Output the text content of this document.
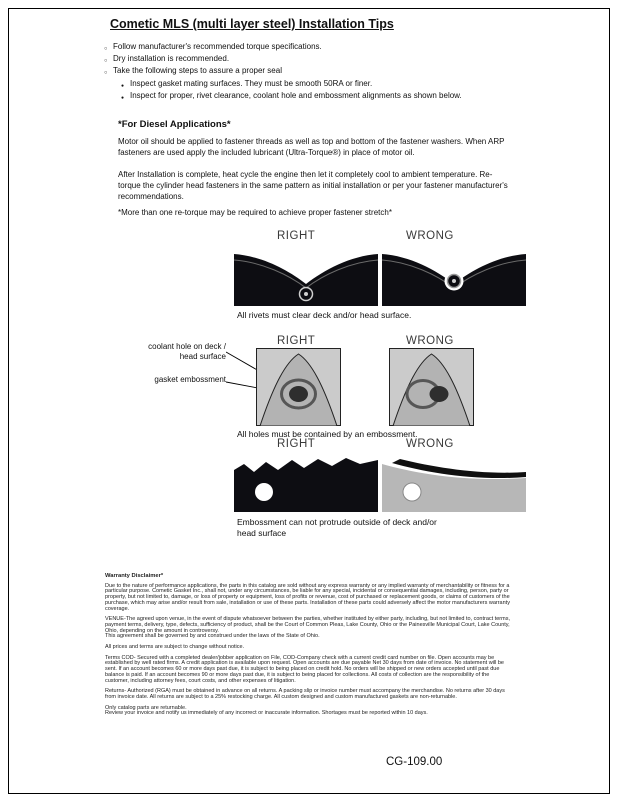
Cometic MLS (multi layer steel) Installation Tips
○ Follow manufacturer's recommended torque specifications.
○ Dry installation is recommended.
○ Take the following steps to assure a proper seal
● Inspect gasket mating surfaces. They must be smooth 50RA or finer.
● Inspect for proper, rivet clearance, coolant hole and embossment alignments as shown below.
*For Diesel Applications*

Motor oil should be applied to fastener threads as well as top and bottom of the fastener washers. When ARP fasteners are used apply the included lubricant (Ultra-Torque®) in place of motor oil.

After Installation is complete, heat cycle the engine then let it completely cool to ambient temperature. Re-torque the cylinder head fasteners in the same pattern as initial installation or per your fastener manufacturer's recommendations.

*More than one re-torque may be required to achieve proper fastener stretch*

RIGHT	WRONG
All rivets must clear deck and/or head surface.
RIGHT	WRONG
coolant hole on deck / head surface
gasket embossment
All holes must be contained by an embossment.
RIGHT	WRONG
Embossment can not protrude outside of deck and/or head surface
Warranty Disclaimer*

Due to the nature of performance applications, the parts in this catalog are sold without any express warranty or any implied warranty of merchantability or fitness for a particular purpose. Cometic Gasket Inc., shall not, under any circumstances, be liable for any special, incidental or consequential damages, including, person, party or property, but not limited to, damage, or loss of property or equipment, loss of profits or revenue, cost of purchased or replacement goods, or claims of customers of the purchase, which may arise and/or result from sale, installation or use of these parts. Installation of these parts could adversely affect the motor manufacturers warranty coverage.

VENUE-The agreed upon venue, in the event of dispute whatsoever between the parties, whether instituted by either party, including, but not limited to, contract terms, payment terms, delivery, type, defects, sufficiency of product, shall be the Court of Common Pleas, Lake County, Ohio or the Painesville Municipal Court, Lake County, Ohio, depending on the amount in controversy.

This agreement shall be governed by and construed under the laws of the State of Ohio.

All prices and terms are subject to change without notice.

Terms COD- Secured with a completed dealer/jobber application on File, COD-Company check with a current credit card number on file. Open accounts may be established by well rated firms. A credit application is available upon request. Open accounts are due payable Net 30 days from date of invoice. No statement will be sent. If an account becomes 60 or more days past due, it is subject to being placed on credit hold. No orders will be shipped or new orders accepted until past due balance is paid. If an account becomes 90 or more days past due, it is subject to being placed for collections. All costs of collection are the responsibility of the customer, including attorney fees, court costs, and other expenses of litigation.

Returns- Authorized (RGA) must be obtained in advance on all returns. A packing slip or invoice number must accompany the merchandise. No returns after 30 days from invoice date. All returns are subject to a 25% restocking charge. All custom designed and custom manufactured gaskets are non-returnable.

Only catalog parts are returnable.

Review your invoice and notify us immediately of any incorrect or inaccurate information. Shortages must be reported within 10 days.

CG-109.00
